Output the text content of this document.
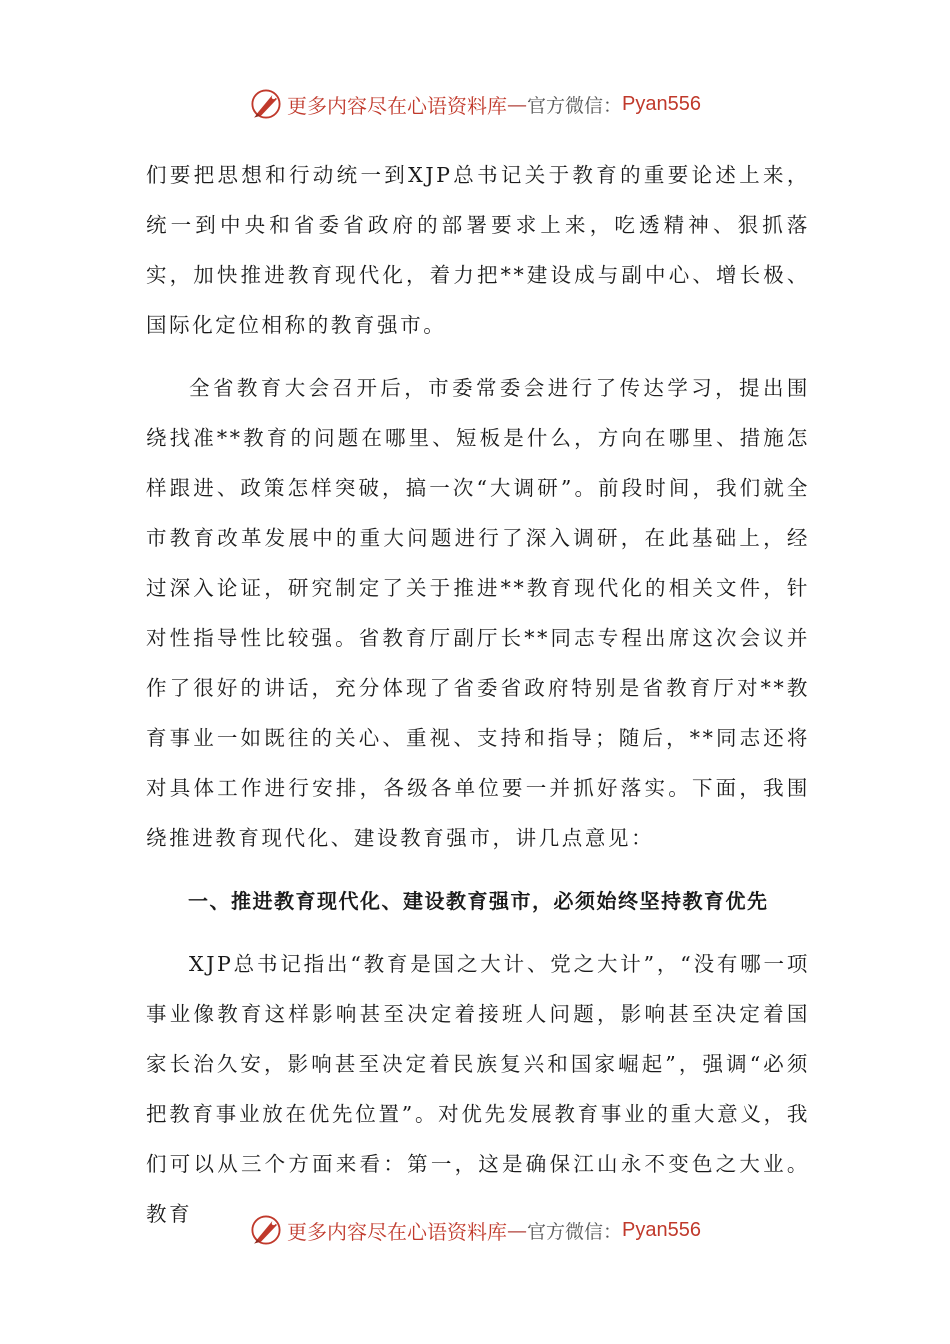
更多内容尽在心语资料库 — 官方微信： Pyan556

们要把思想和行动统一到XJP总书记关于教育的重要论述上来，统一到中央和省委省政府的部署要求上来，吃透精神、狠抓落实，加快推进教育现代化，着力把**建设成与副中心、增长极、国际化定位相称的教育强市。

全省教育大会召开后，市委常委会进行了传达学习，提出围绕找准**教育的问题在哪里、短板是什么，方向在哪里、措施怎样跟进、政策怎样突破，搞一次“大调研”。前段时间，我们就全市教育改革发展中的重大问题进行了深入调研，在此基础上，经过深入论证，研究制定了关于推进**教育现代化的相关文件，针对性指导性比较强。省教育厅副厅长**同志专程出席这次会议并作了很好的讲话，充分体现了省委省政府特别是省教育厅对**教育事业一如既往的关心、重视、支持和指导；随后，**同志还将对具体工作进行安排，各级各单位要一并抓好落实。下面，我围绕推进教育现代化、建设教育强市，讲几点意见：

一、推进教育现代化、建设教育强市，必须始终坚持教育优先

XJP总书记指出“教育是国之大计、党之大计”，“没有哪一项事业像教育这样影响甚至决定着接班人问题，影响甚至决定着国家长治久安，影响甚至决定着民族复兴和国家崛起”，强调“必须把教育事业放在优先位置”。对优先发展教育事业的重大意义，我们可以从三个方面来看：第一，这是确保江山永不变色之大业。教育

更多内容尽在心语资料库 — 官方微信： Pyan556
